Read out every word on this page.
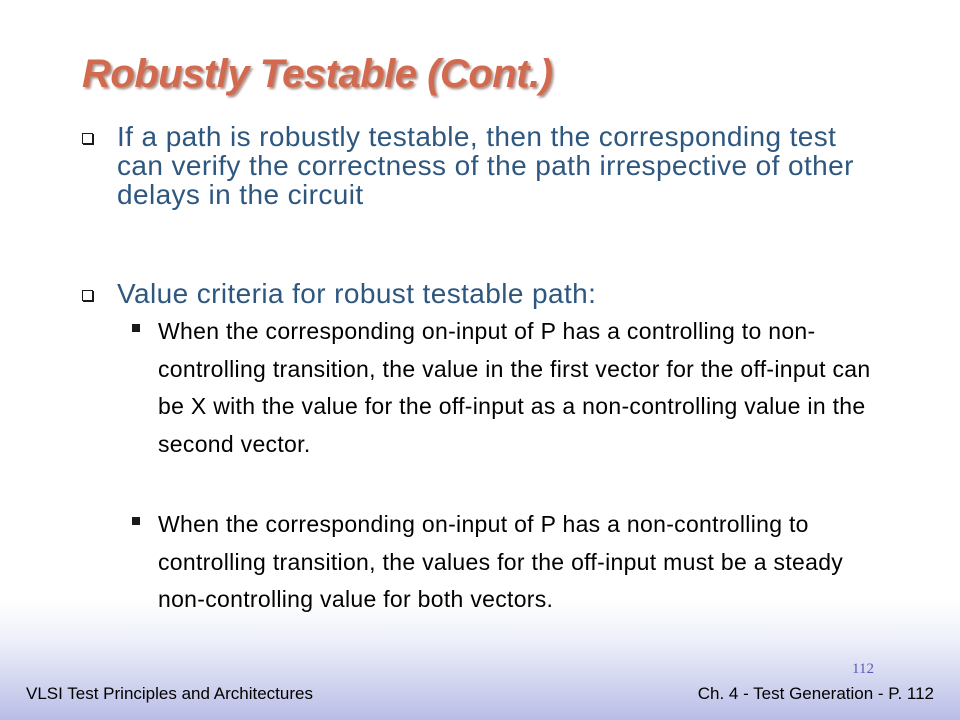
Robustly Testable (Cont.)
If a path is robustly testable, then the corresponding test can verify the correctness of the path irrespective of other delays in the circuit
Value criteria for robust testable path:
When the corresponding on-input of P has a controlling to non-controlling transition, the value in the first vector for the off-input can be X with the value for the off-input as a non-controlling value in the second vector.
When the corresponding on-input of P has a non-controlling to controlling transition, the values for the off-input must be a steady non-controlling value for both vectors.
112
VLSI Test Principles and Architectures	Ch. 4 - Test Generation - P. 112
